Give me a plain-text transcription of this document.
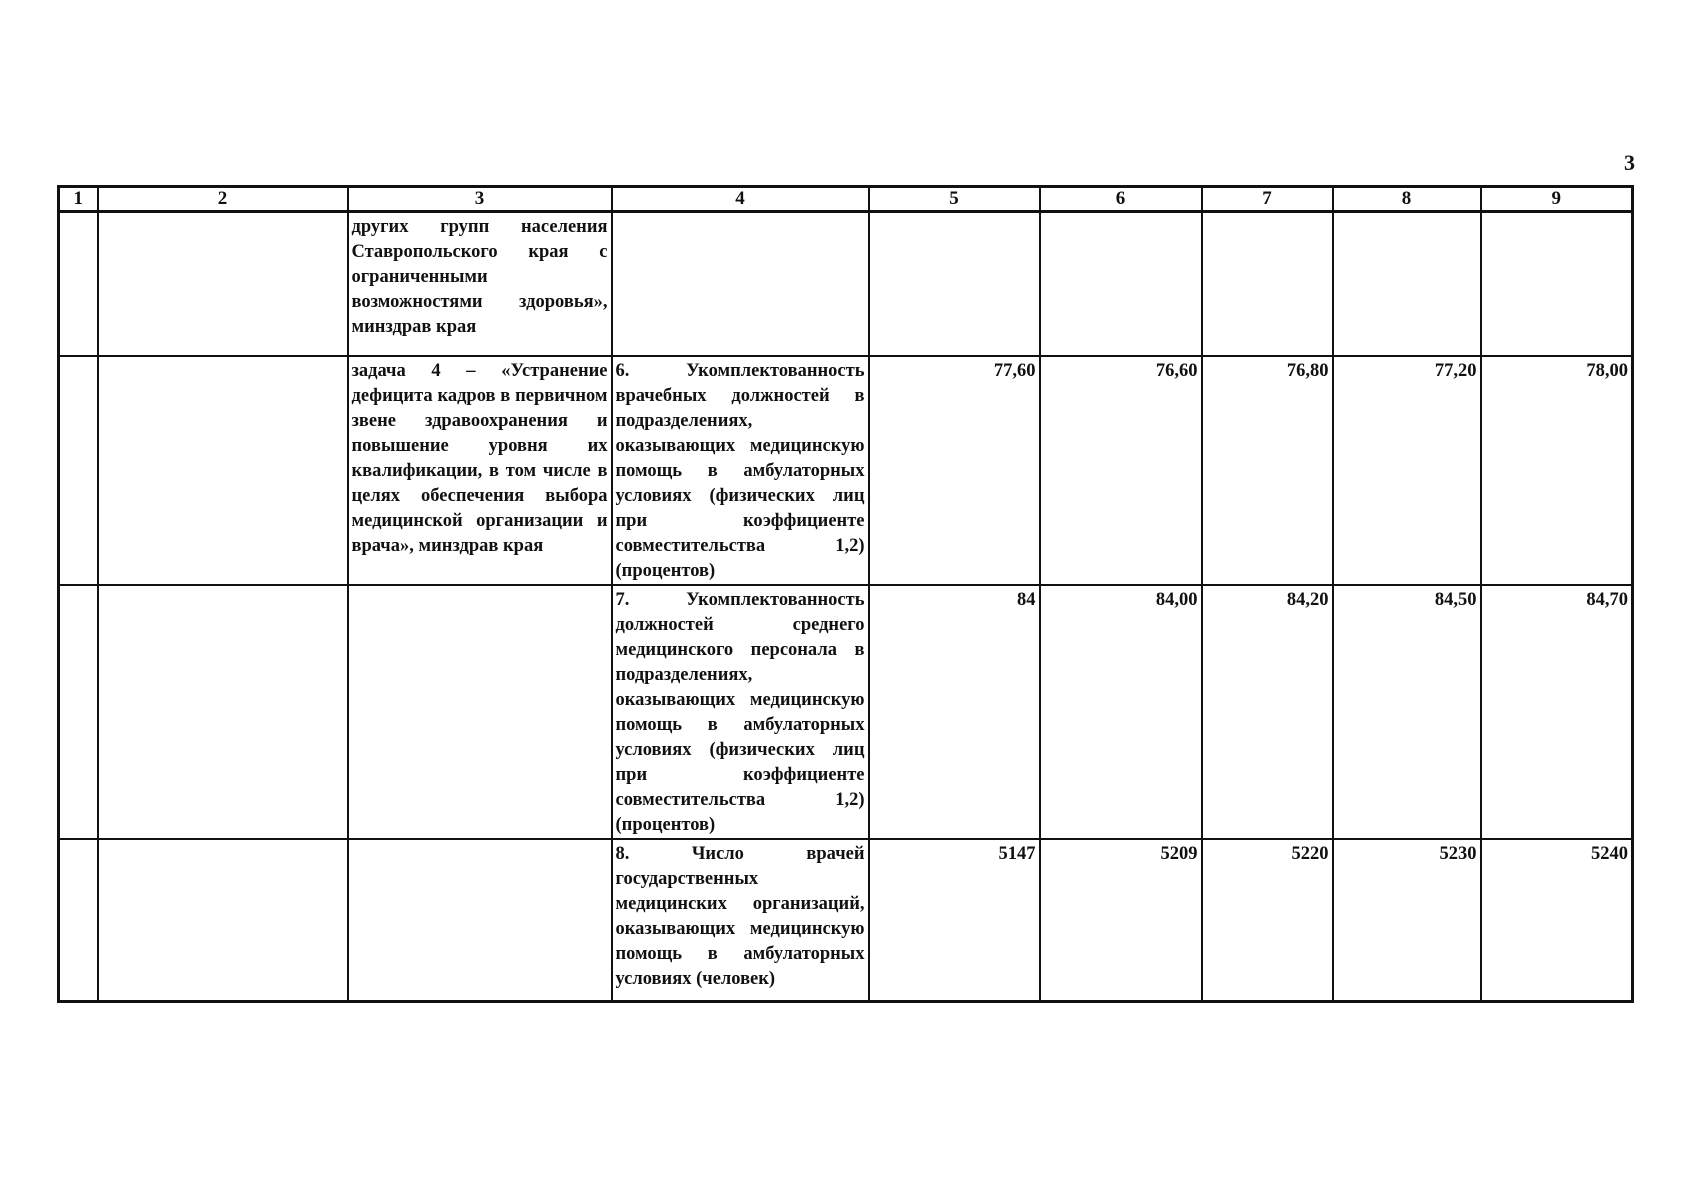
3
1	2	3	4	5	6	7	8	9
		других групп населения Ставропольского края с ограниченными возможностями здоровья», минздрав края						
		задача 4 – «Устранение дефицита кадров в первичном звене здравоохранения и повышение уровня их квалификации, в том числе в целях обеспечения выбора медицинской организации и врача», минздрав края	6. Укомплектованность врачебных должностей в подразделениях, оказывающих медицинскую помощь в амбулаторных условиях (физических лиц при коэффициенте совместительства 1,2) (процентов)	77,60	76,60	76,80	77,20	78,00
			7. Укомплектованность должностей среднего медицинского персонала в подразделениях, оказывающих медицинскую помощь в амбулаторных условиях (физических лиц при коэффициенте совместительства 1,2) (процентов)	84	84,00	84,20	84,50	84,70
			8. Число врачей государственных медицинских организаций, оказывающих медицинскую помощь в амбулаторных условиях (человек)	5147	5209	5220	5230	5240
